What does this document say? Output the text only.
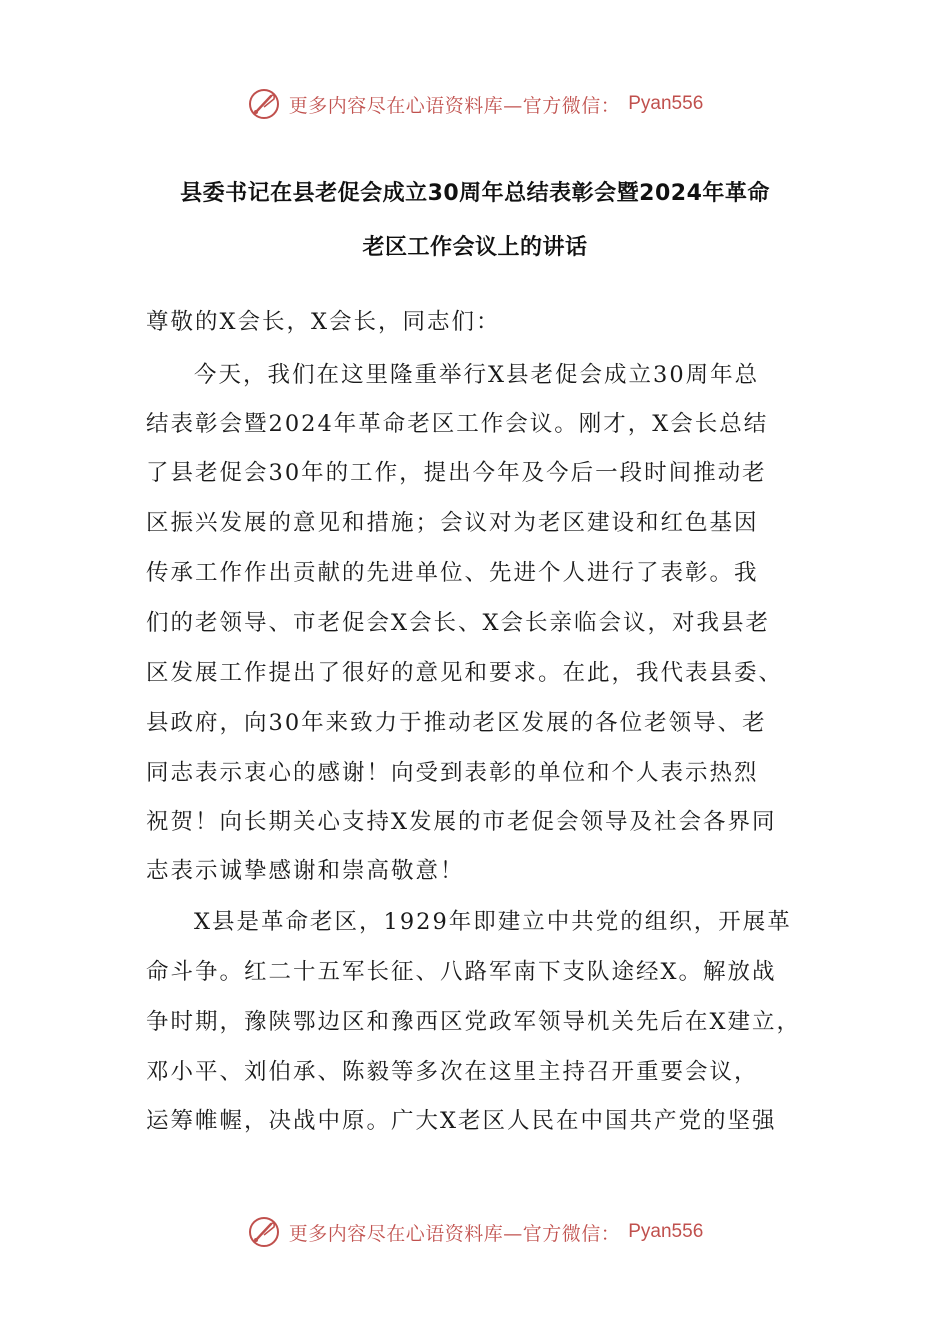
更多内容尽在心语资料库—官方微信： Pyan556
县委书记在县老促会成立30周年总结表彰会暨2024年革命
老区工作会议上的讲话
尊敬的X会长，X会长，同志们：
今天，我们在这里隆重举行X县老促会成立30周年总
结表彰会暨2024年革命老区工作会议。刚才，X会长总结
了县老促会30年的工作，提出今年及今后一段时间推动老
区振兴发展的意见和措施；会议对为老区建设和红色基因
传承工作作出贡献的先进单位、先进个人进行了表彰。我
们的老领导、市老促会X会长、X会长亲临会议，对我县老
区发展工作提出了很好的意见和要求。在此，我代表县委、
县政府，向30年来致力于推动老区发展的各位老领导、老
同志表示衷心的感谢！向受到表彰的单位和个人表示热烈
祝贺！向长期关心支持X发展的市老促会领导及社会各界同
志表示诚挚感谢和崇高敬意！
X县是革命老区，1929年即建立中共党的组织，开展革
命斗争。红二十五军长征、八路军南下支队途经X。解放战
争时期，豫陕鄂边区和豫西区党政军领导机关先后在X建立，
邓小平、刘伯承、陈毅等多次在这里主持召开重要会议，
运筹帷幄，决战中原。广大X老区人民在中国共产党的坚强
更多内容尽在心语资料库—官方微信： Pyan556
